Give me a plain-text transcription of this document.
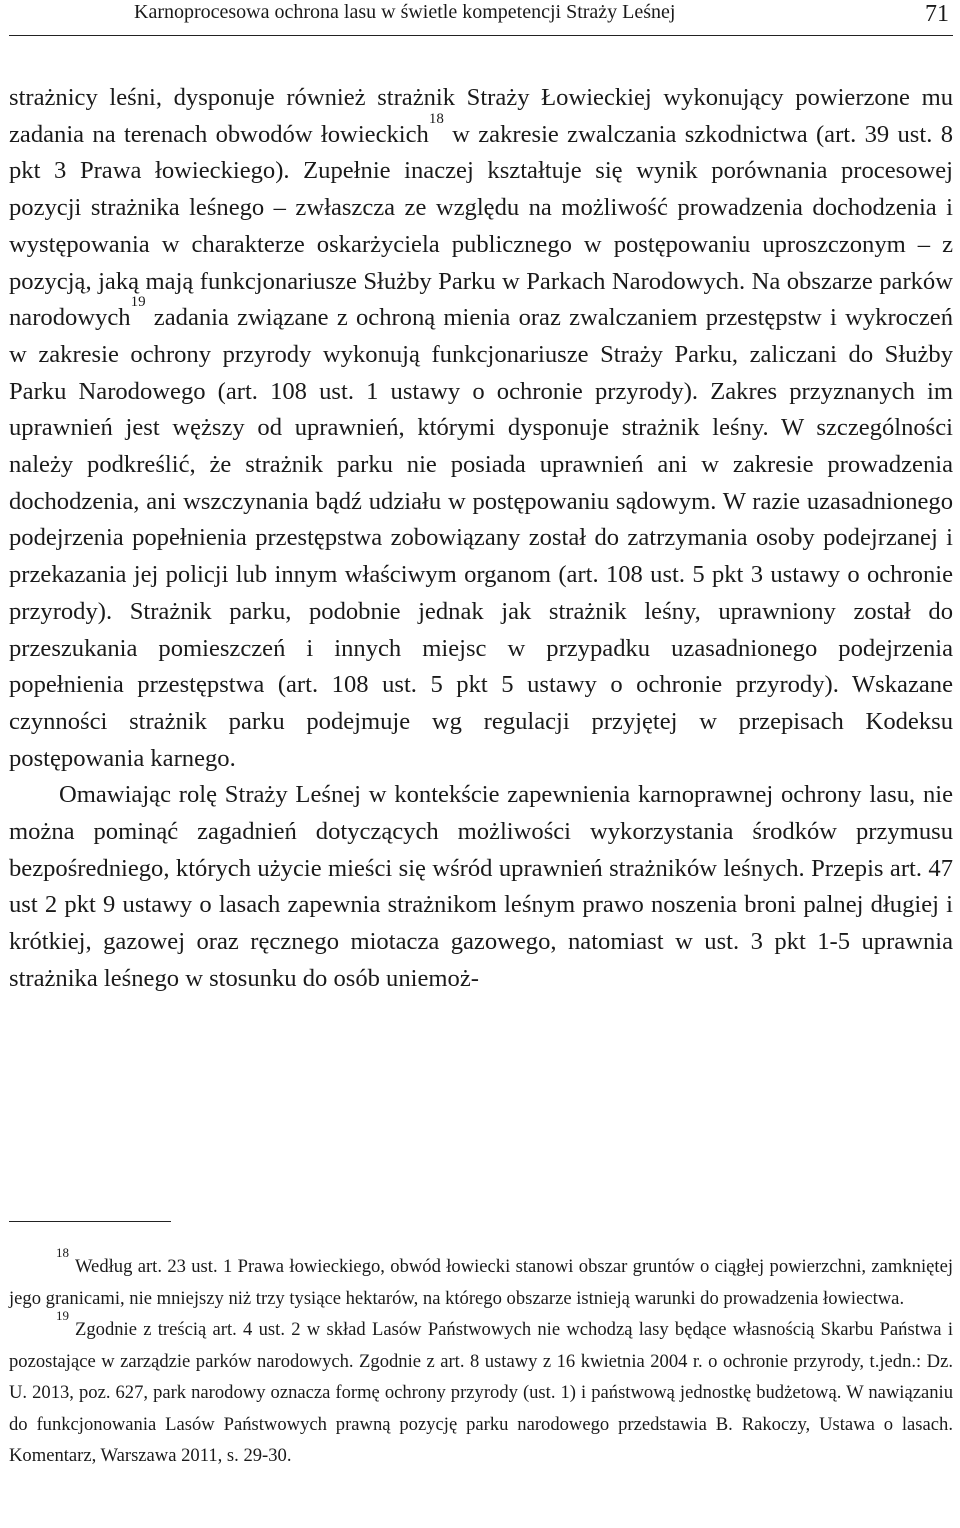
Karnoprocesowa ochrona lasu w świetle kompetencji Straży Leśnej	71

strażnicy leśni, dysponuje również strażnik Straży Łowieckiej wykonujący powierzone mu zadania na terenach obwodów łowieckich$^{18}$ w zakresie zwalczania szkodnictwa (art. 39 ust. 8 pkt 3 Prawa łowieckiego). Zupełnie inaczej kształtuje się wynik porównania procesowej pozycji strażnika leśnego – zwłaszcza ze względu na możliwość prowadzenia dochodzenia i występowania w charakterze oskarżyciela publicznego w postępowaniu uproszczonym – z pozycją, jaką mają funkcjonariusze Służby Parku w Parkach Narodowych. Na obszarze parków narodowych$^{19}$ zadania związane z ochroną mienia oraz zwalczaniem przestępstw i wykroczeń w zakresie ochrony przyrody wykonują funkcjonariusze Straży Parku, zaliczani do Służby Parku Narodowego (art. 108 ust. 1 ustawy o ochronie przyrody). Zakres przyznanych im uprawnień jest węższy od uprawnień, którymi dysponuje strażnik leśny. W szczególności należy podkreślić, że strażnik parku nie posiada uprawnień ani w zakresie prowadzenia dochodzenia, ani wszczynania bądź udziału w postępowaniu sądowym. W razie uzasadnionego podejrzenia popełnienia przestępstwa zobowiązany został do zatrzymania osoby podejrzanej i przekazania jej policji lub innym właściwym organom (art. 108 ust. 5 pkt 3 ustawy o ochronie przyrody). Strażnik parku, podobnie jednak jak strażnik leśny, uprawniony został do przeszukania pomieszczeń i innych miejsc w przypadku uzasadnionego podejrzenia popełnienia przestępstwa (art. 108 ust. 5 pkt 5 ustawy o ochronie przyrody). Wskazane czynności strażnik parku podejmuje wg regulacji przyjętej w przepisach Kodeksu postępowania karnego.

Omawiając rolę Straży Leśnej w kontekście zapewnienia karnoprawnej ochrony lasu, nie można pominąć zagadnień dotyczących możliwości wykorzystania środków przymusu bezpośredniego, których użycie mieści się wśród uprawnień strażników leśnych. Przepis art. 47 ust 2 pkt 9 ustawy o lasach zapewnia strażnikom leśnym prawo noszenia broni palnej długiej i krótkiej, gazowej oraz ręcznego miotacza gazowego, natomiast w ust. 3 pkt 1-5 uprawnia strażnika leśnego w stosunku do osób uniemoż-

$^{18}$Według art. 23 ust. 1 Prawa łowieckiego, obwód łowiecki stanowi obszar gruntów o ciągłej powierzchni, zamkniętej jego granicami, nie mniejszy niż trzy tysiące hektarów, na którego obszarze istnieją warunki do prowadzenia łowiectwa.

$^{19}$Zgodnie z treścią art. 4 ust. 2 w skład Lasów Państwowych nie wchodzą lasy będące własnością Skarbu Państwa i pozostające w zarządzie parków narodowych. Zgodnie z art. 8 ustawy z 16 kwietnia 2004 r. o ochronie przyrody, t.jedn.: Dz. U. 2013, poz. 627, park narodowy oznacza formę ochrony przyrody (ust. 1) i państwową jednostkę budżetową. W nawiązaniu do funkcjonowania Lasów Państwowych prawną pozycję parku narodowego przedstawia B. Rakoczy, Ustawa o lasach. Komentarz, Warszawa 2011, s. 29-30.
